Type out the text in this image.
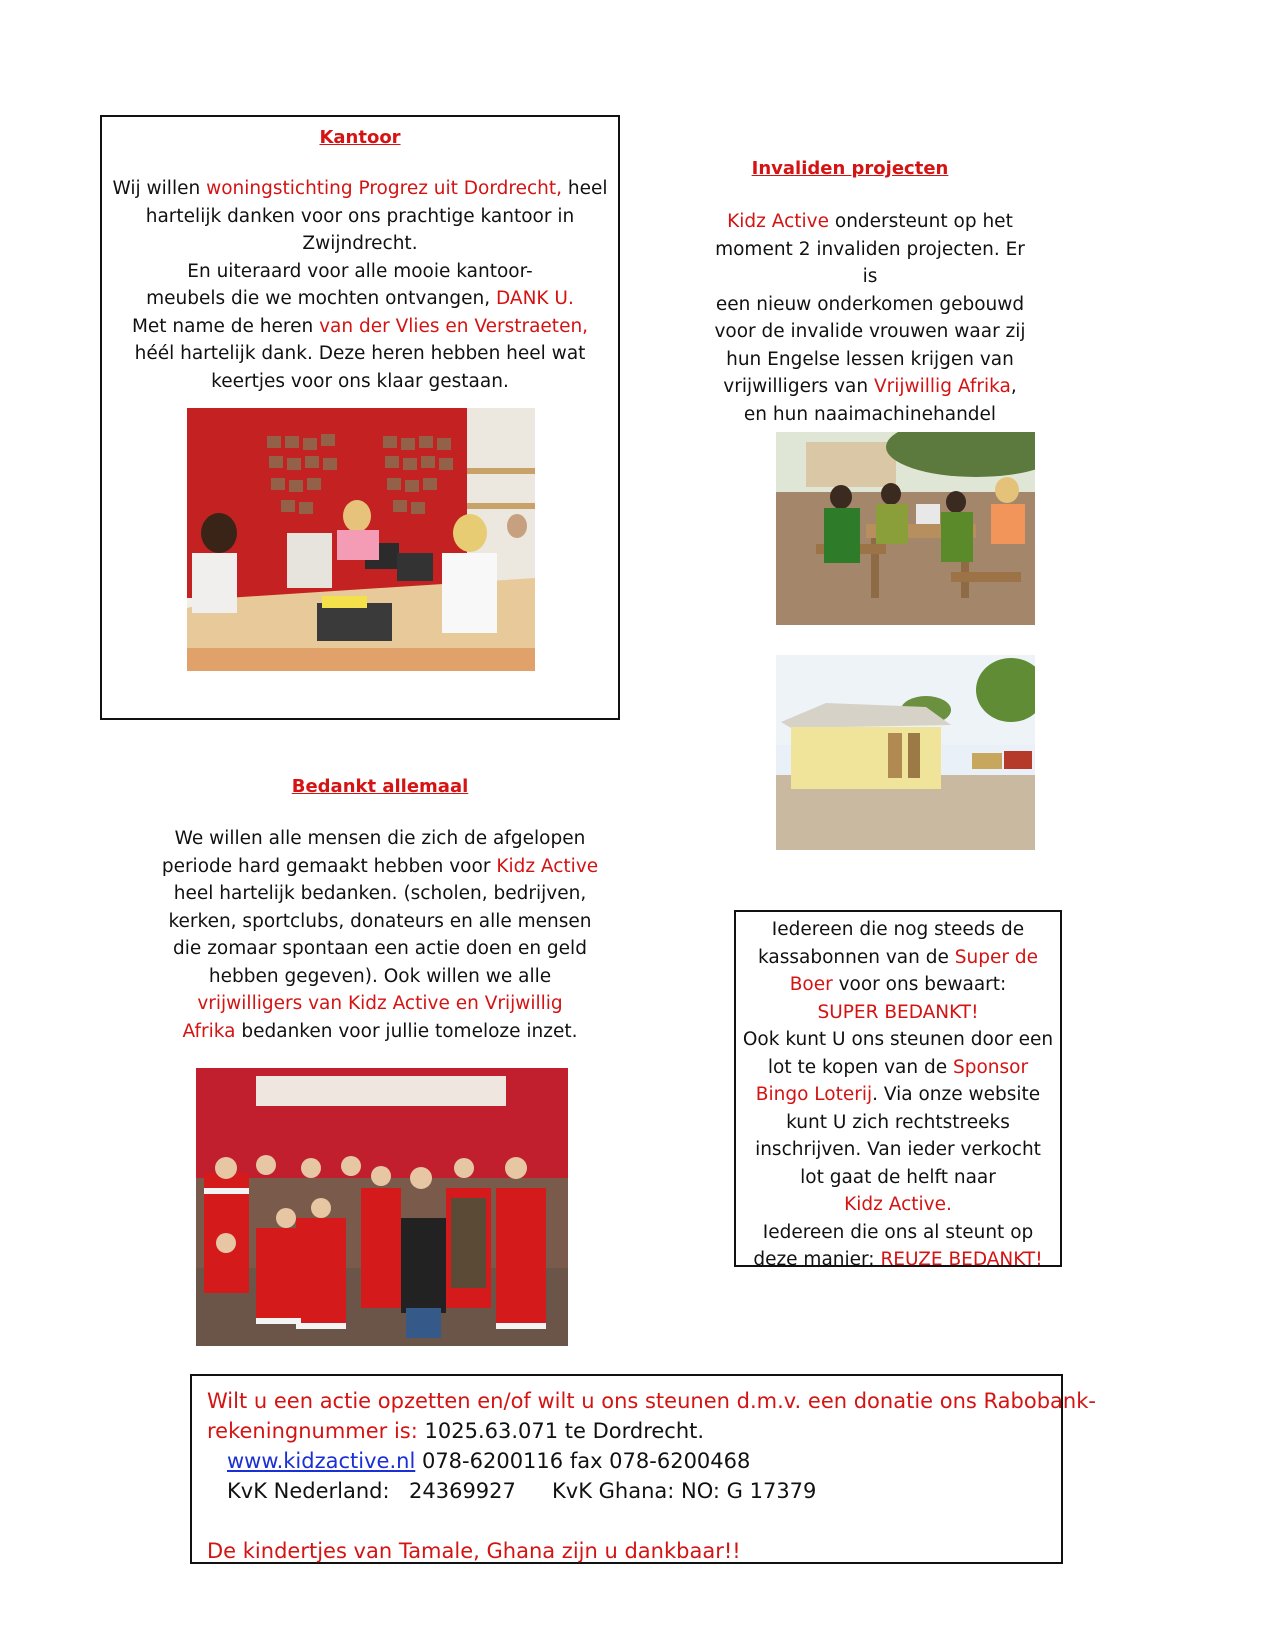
Kantoor
Wij willen woningstichting Progrez uit Dordrecht, heel
hartelijk danken voor ons prachtige kantoor in
Zwijndrecht.
En uiteraard voor alle mooie kantoor-
meubels die we mochten ontvangen, DANK U.
Met name de heren van der Vlies en Verstraeten,
héél hartelijk dank. Deze heren hebben heel wat
keertjes voor ons klaar gestaan.
Invaliden projecten
Kidz Active ondersteunt op het
moment 2 invaliden projecten. Er is
een nieuw onderkomen gebouwd
voor de invalide vrouwen waar zij
hun Engelse lessen krijgen van
vrijwilligers van Vrijwillig Afrika,
en hun naaimachinehandel
Bedankt allemaal
We willen alle mensen die zich de afgelopen
periode hard gemaakt hebben voor Kidz Active
heel hartelijk bedanken. (scholen, bedrijven,
kerken, sportclubs, donateurs en alle mensen
die zomaar spontaan een actie doen en geld
hebben gegeven). Ook willen we alle
vrijwilligers van Kidz Active en Vrijwillig
Afrika bedanken voor jullie tomeloze inzet.
Iedereen die nog steeds de
kassabonnen van de Super de
Boer voor ons bewaart:
SUPER BEDANKT!
Ook kunt U ons steunen door een
lot te kopen van de Sponsor
Bingo Loterij. Via onze website
kunt U zich rechtstreeks
inschrijven. Van ieder verkocht
lot gaat de helft naar
Kidz Active.
Iedereen die ons al steunt op
deze manier: REUZE BEDANKT!
Wilt u een actie opzetten en/of wilt u ons steunen d.m.v. een donatie ons Rabobank-
rekeningnummer is: 1025.63.071 te Dordrecht.
www.kidzactive.nl 078-6200116 fax 078-6200468
KvK Nederland: 24369927 KvK Ghana: NO: G 17379
De kindertjes van Tamale, Ghana zijn u dankbaar!!
